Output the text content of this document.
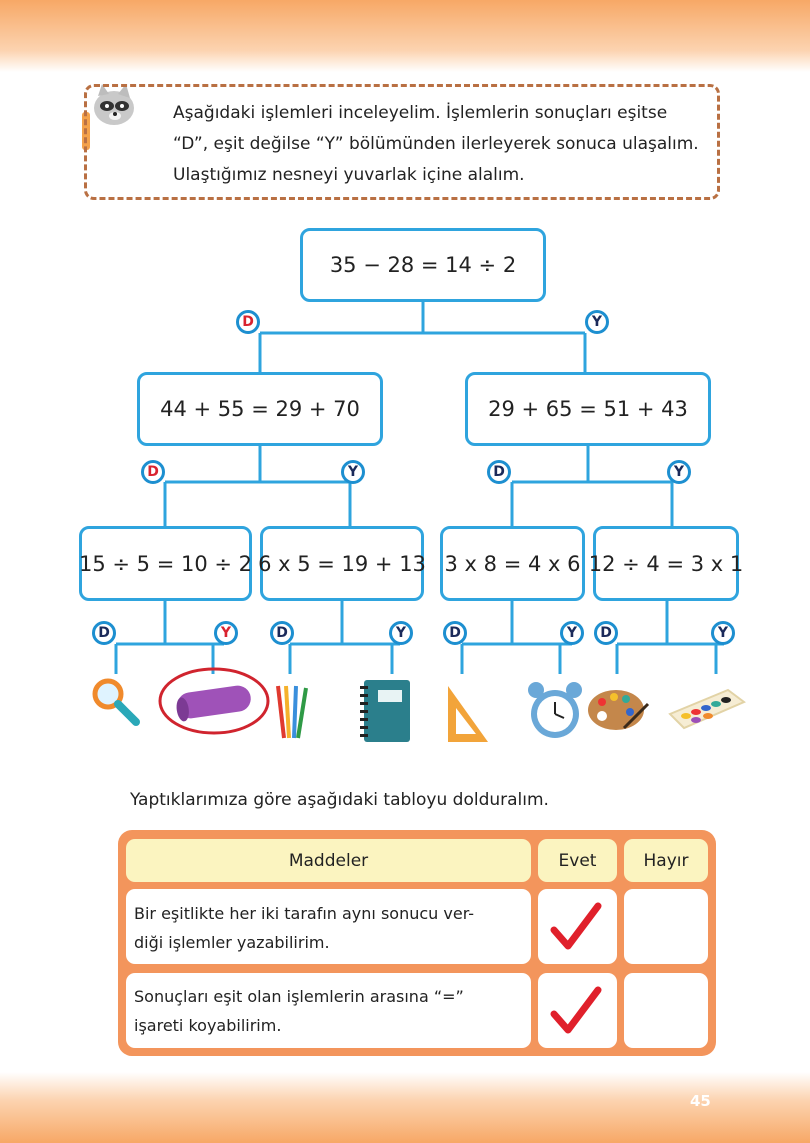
Aşağıdaki işlemleri inceleyelim. İşlemlerin sonuçları eşitse
“D”, eşit değilse “Y” bölümünden ilerleyerek sonuca ulaşalım.
Ulaştığımız nesneyi yuvarlak içine alalım.

35 − 28 = 14 ÷ 2
44 + 55 = 29 + 70	29 + 65 = 51 + 43
15 ÷ 5 = 10 ÷ 2 6 x 5 = 19 + 13 3 x 8 = 4 x 6 12 ÷ 4 = 3 x 1
D	Y
D	Y	D	Y
D	Y	D	Y	D	Y	D	Y

Yaptıklarımıza göre aşağıdaki tabloyu dolduralım.

Maddeler	Evet	Hayır

Bir eşitlikte her iki tarafın aynı sonucu ver-
diği işlemler yazabilirim.

Sonuçları eşit olan işlemlerin arasına “=”
işareti koyabilirim.

45
